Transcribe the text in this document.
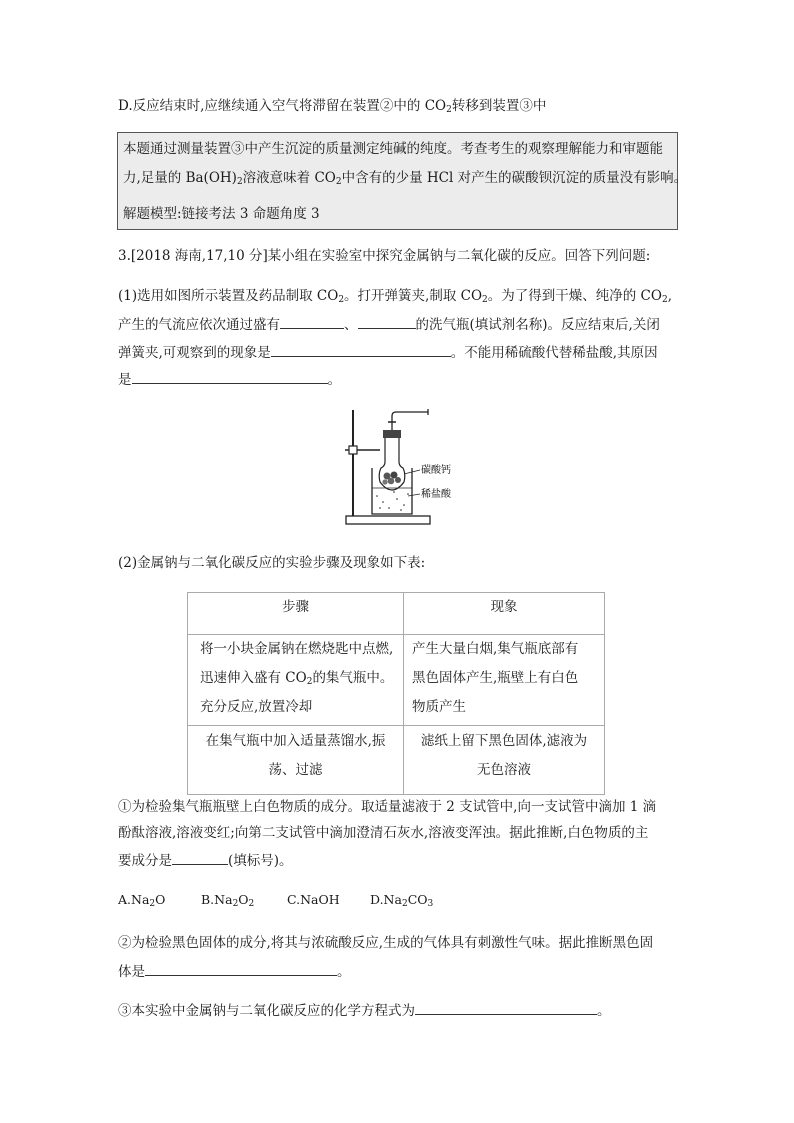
D.反应结束时,应继续通入空气将滞留在装置②中的 $CO_2$转移到装置③中
本题通过测量装置③中产生沉淀的质量测定纯碱的纯度。考查考生的观察理解能力和审题能
力,足量的 $Ba(OH)_2$溶液意味着 $CO_2$中含有的少量 HCl 对产生的碳酸钡沉淀的质量没有影响。
解题模型:链接考法 3 命题角度 3
3.[2018 海南,17,10 分]某小组在实验室中探究金属钠与二氧化碳的反应。回答下列问题:
(1)选用如图所示装置及药品制取 $CO_2$。打开弹簧夹,制取 $CO_2$。为了得到干燥、纯净的 $CO_2$,
产生的气流应依次通过盛有	、	的洗气瓶(填试剂名称)。反应结束后,关闭
弹簧夹,可观察到的现象是	。不能用稀硫酸代替稀盐酸,其原因
是	。
碳酸钙
稀盐酸
(2)金属钠与二氧化碳反应的实验步骤及现象如下表:
步骤	现象

将一小块金属钠在燃烧匙中点燃,
迅速伸入盛有 $CO_2$的集气瓶中。
充分反应,放置冷却	产生大量白烟,集气瓶底部有
黑色固体产生,瓶壁上有白色
物质产生

在集气瓶中加入适量蒸馏水,振
荡、过滤	滤纸上留下黑色固体,滤液为
无色溶液
①为检验集气瓶瓶壁上白色物质的成分。取适量滤液于 2 支试管中,向一支试管中滴加 1 滴
酚酞溶液,溶液变红;向第二支试管中滴加澄清石灰水,溶液变浑浊。据此推断,白色物质的主
要成分是	(填标号)。
$A.Na_2O$	$B.Na_2O_2$	C.NaOH $D.Na_2CO_3$
②为检验黑色固体的成分,将其与浓硫酸反应,生成的气体具有刺激性气味。据此推断黑色固
体是	。
③本实验中金属钠与二氧化碳反应的化学方程式为	。
